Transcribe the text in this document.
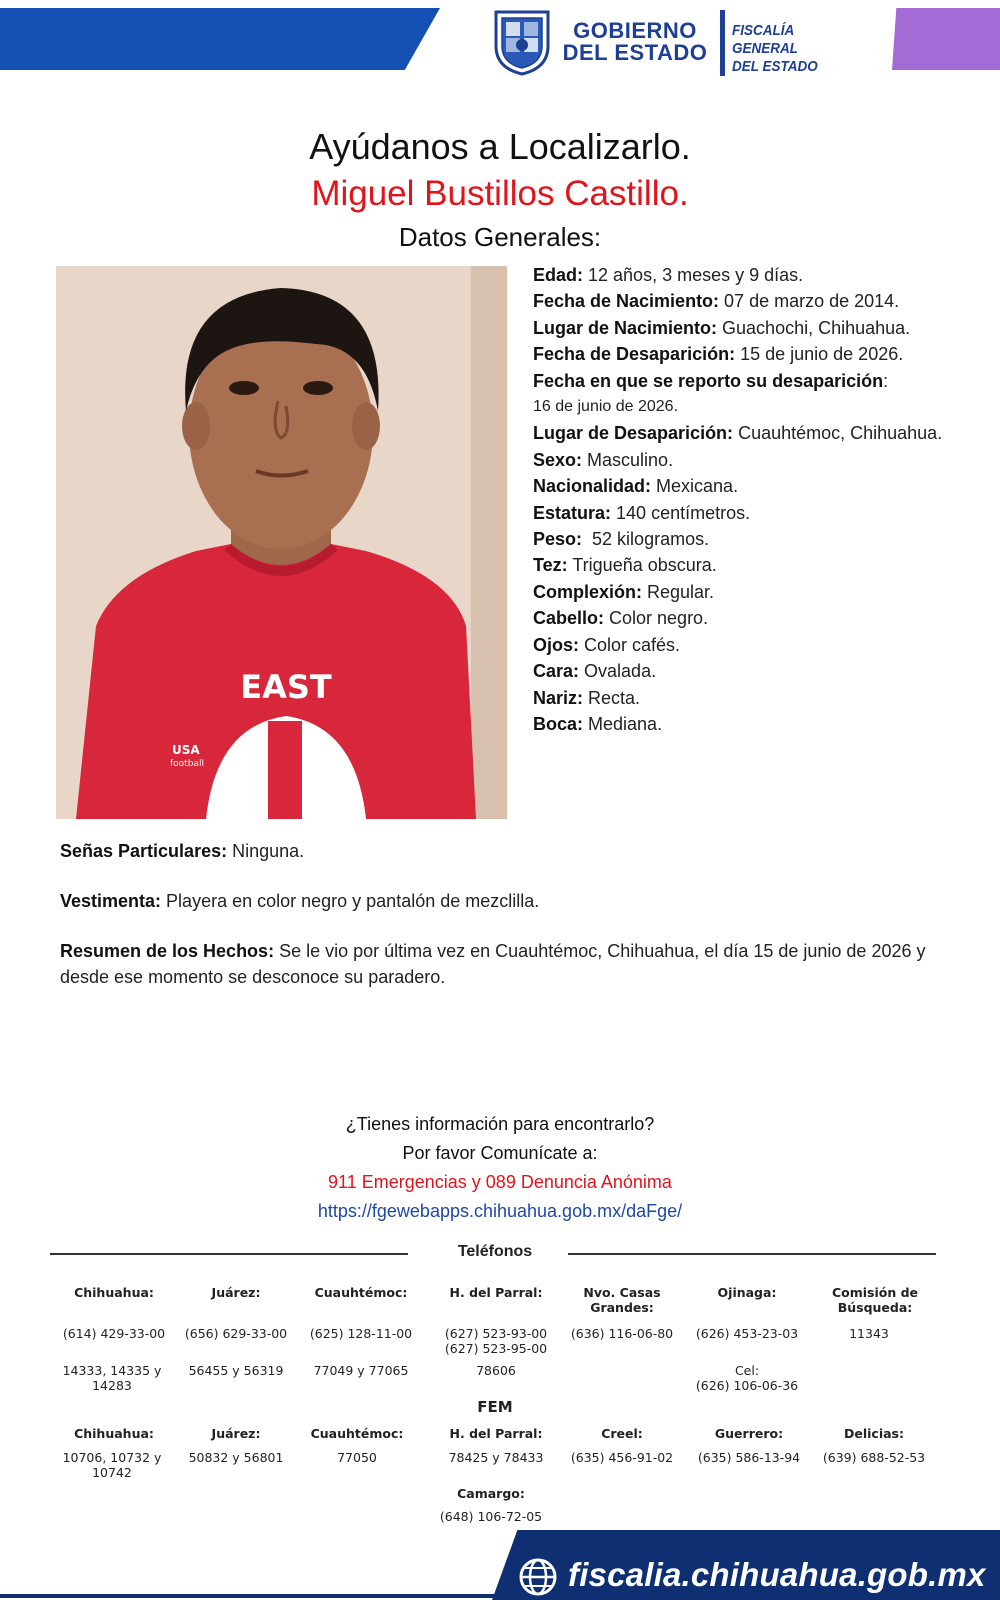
GOBIERNO
DEL ESTADO
FISCALÍA GENERAL
DEL ESTADO
Ayúdanos a Localizarlo.
Miguel Bustillos Castillo.
Datos Generales:
EAST
USA
football
Edad: 12 años, 3 meses y 9 días.
Fecha de Nacimiento: 07 de marzo de 2014.
Lugar de Nacimiento: Guachochi, Chihuahua.
Fecha de Desaparición: 15 de junio de 2026.
Fecha en que se reporto su desaparición:
16 de junio de 2026.
Lugar de Desaparición: Cuauhtémoc, Chihuahua.
Sexo: Masculino.
Nacionalidad: Mexicana.
Estatura: 140 centímetros.
Peso:  52 kilogramos.
Tez: Trigueña obscura.
Complexión: Regular.
Cabello: Color negro.
Ojos: Color cafés.
Cara: Ovalada.
Nariz: Recta.
Boca: Mediana.
Señas Particulares: Ninguna.
Vestimenta: Playera en color negro y pantalón de mezclilla.
Resumen de los Hechos: Se le vio por última vez en Cuauhtémoc, Chihuahua, el día 15 de junio de 2026 y desde ese momento se desconoce su paradero.
¿Tienes información para encontrarlo?
Por favor Comunícate a:
911 Emergencias y 089 Denuncia Anónima
https://fgewebapps.chihuahua.gob.mx/daFge/
Teléfonos
Chihuahua:
(614) 429-33-00
14333, 14335 y 14283
Juárez:
(656) 629-33-00
56455 y 56319
Cuauhtémoc:
(625) 128-11-00
77049 y 77065
H. del Parral:
(627) 523-93-00
(627) 523-95-00
78606
Nvo. Casas Grandes:
(636) 116-06-80
Ojinaga:
(626) 453-23-03
Cel:
(626) 106-06-36
Comisión de Búsqueda:
11343
FEM
Chihuahua:
10706, 10732 y 10742
Juárez:
50832 y 56801
Cuauhtémoc:
77050
H. del Parral:
78425 y 78433
Creel:
(635) 456-91-02
Guerrero:
(635) 586-13-94
Delicias:
(639) 688-52-53
Camargo:
(648) 106-72-05
fiscalia.chihuahua.gob.mx
